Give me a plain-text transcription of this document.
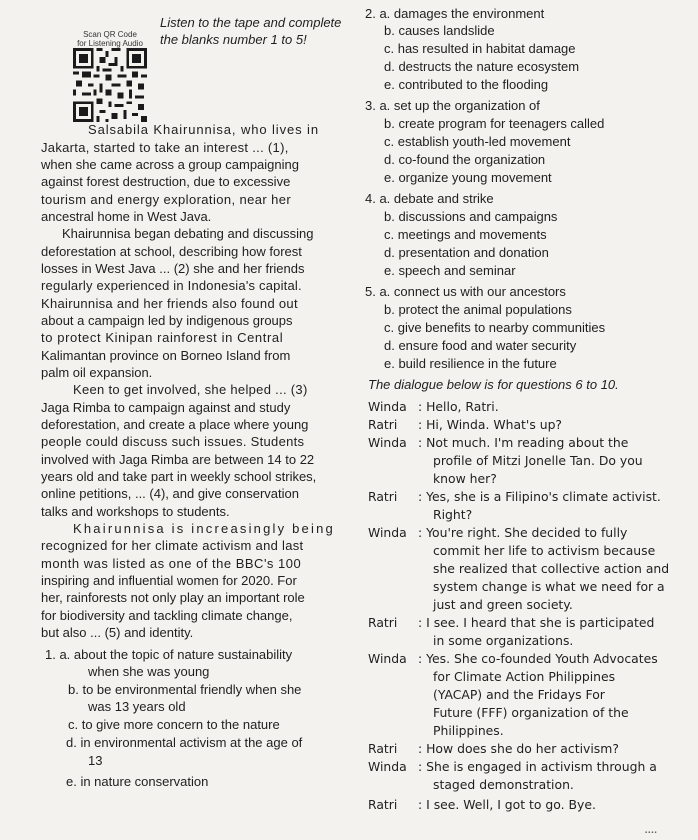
Scan QR Code
for Listening Audio
Listen to the tape and complete
the blanks number 1 to 5!
Salsabila Khairunnisa, who lives in
Jakarta, started to take an interest ... (1),
when she came across a group campaigning
against forest destruction, due to excessive
tourism and energy exploration, near her
ancestral home in West Java.
Khairunnisa began debating and discussing
deforestation at school, describing how forest
losses in West Java ... (2) she and her friends
regularly experienced in Indonesia's capital.
Khairunnisa and her friends also found out
about a campaign led by indigenous groups
to protect Kinipan rainforest in Central
Kalimantan province on Borneo Island from
palm oil expansion.
Keen to get involved, she helped ... (3)
Jaga Rimba to campaign against and study
deforestation, and create a place where young
people could discuss such issues. Students
involved with Jaga Rimba are between 14 to 22
years old and take part in weekly school strikes,
online petitions, ... (4), and give conservation
talks and workshops to students.
Khairunnisa is increasingly being
recognized for her climate activism and last
month was listed as one of the BBC's 100
inspiring and influential women for 2020. For
her, rainforests not only play an important role
for biodiversity and tackling climate change,
but also ... (5) and identity.
1. a. about the topic of nature sustainability
when she was young
b. to be environmental friendly when she
was 13 years old
c. to give more concern to the nature
d. in environmental activism at the age of
13
e. in nature conservation
2. a. damages the environment
b. causes landslide
c. has resulted in habitat damage
d. destructs the nature ecosystem
e. contributed to the flooding
3. a. set up the organization of
b. create program for teenagers called
c. establish youth-led movement
d. co-found the organization
e. organize young movement
4. a. debate and strike
b. discussions and campaigns
c. meetings and movements
d. presentation and donation
e. speech and seminar
5. a. connect us with our ancestors
b. protect the animal populations
c. give benefits to nearby communities
d. ensure food and water security
e. build resilience in the future
The dialogue below is for questions 6 to 10.
Winda : Hello, Ratri.
Ratri : Hi, Winda. What's up?
Winda : Not much. I'm reading about the
profile of Mitzi Jonelle Tan. Do you
know her?
Ratri : Yes, she is a Filipino's climate activist.
Right?
Winda : You're right. She decided to fully
commit her life to activism because
she realized that collective action and
system change is what we need for a
just and green society.
Ratri : I see. I heard that she is participated
in some organizations.
Winda : Yes. She co-founded Youth Advocates
for Climate Action Philippines
(YACAP) and the Fridays For
Future (FFF) organization of the
Philippines.
Ratri : How does she do her activism?
Winda : She is engaged in activism through a
staged demonstration.
Ratri : I see. Well, I got to go. Bye.
▪▪▪▪
